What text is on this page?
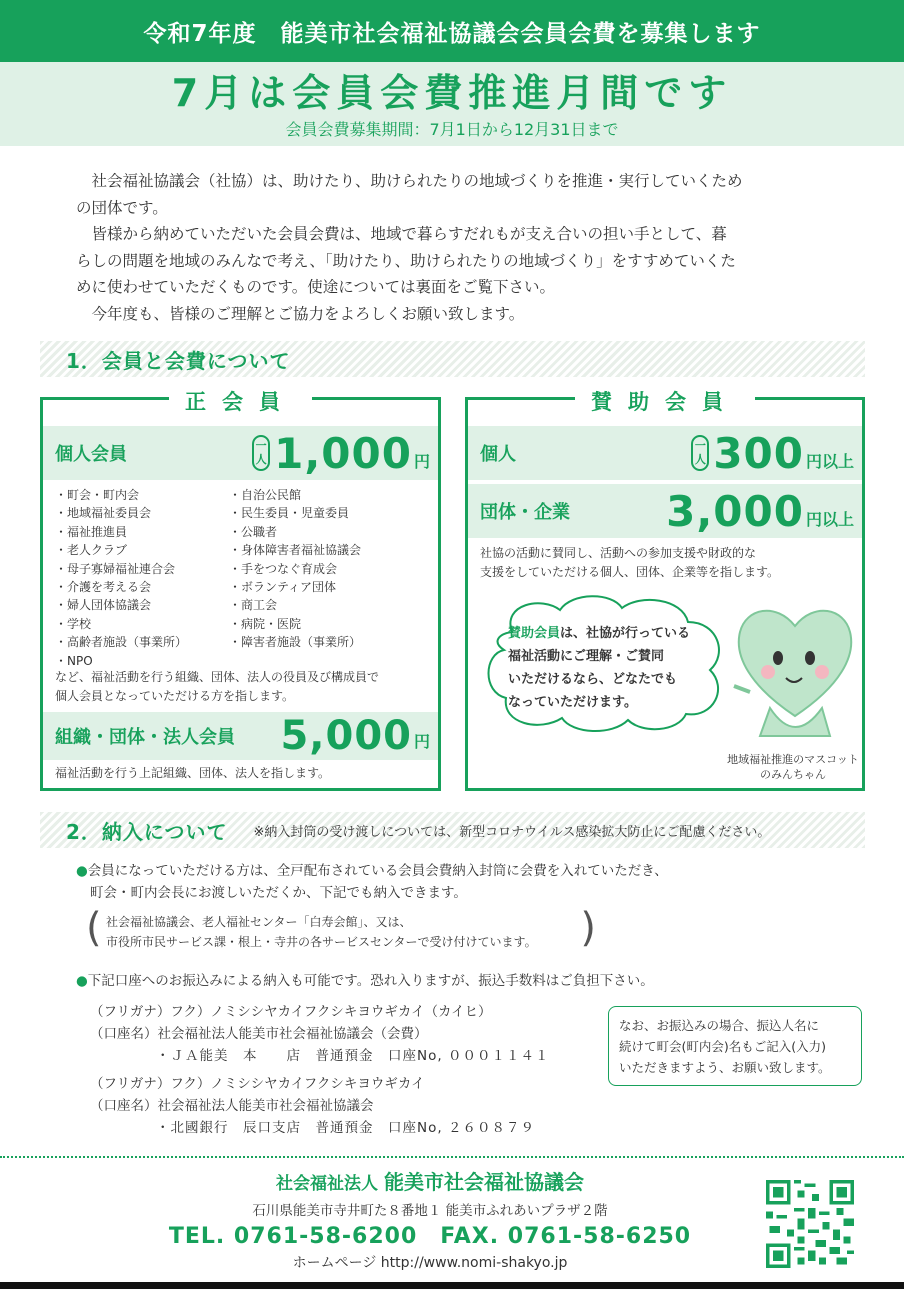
令和7年度　能美市社会福祉協議会会員会費を募集します
7月は会員会費推進月間です
会員会費募集期間：7月1日から12月31日まで

社会福祉協議会（社協）は、助けたり、助けられたりの地域づくりを推進・実行していくため

の団体です。

皆様から納めていただいた会員会費は、地域で暮らすだれもが支え合いの担い手として、暮

らしの問題を地域のみんなで考え、「助けたり、助けられたりの地域づくり」をすすめていくた

めに使わせていただくものです。使途については裏面をご覧下さい。

今年度も、皆様のご理解とご協力をよろしくお願い致します。

1．会員と会費について
正会員
個人会員	一
人 1,000 円
・町会・町内会
・地域福祉委員会
・福祉推進員
・老人クラブ
・母子寡婦福祉連合会
・介護を考える会
・婦人団体協議会
・学校
・高齢者施設（事業所）
・NPO
・自治公民館
・民生委員・児童委員
・公職者
・身体障害者福祉協議会
・手をつなぐ育成会
・ボランティア団体
・商工会
・病院・医院
・障害者施設（事業所）
など、福祉活動を行う組織、団体、法人の役員及び構成員で
個人会員となっていただける方を指します。
組織・団体・法人会員	5,000 円
福祉活動を行う上記組織、団体、法人を指します。
賛助会員
個人	一
人 300 円以上
団体・企業	3,000 円以上
社協の活動に賛同し、活動への参加支援や財政的な
支援をしていただける個人、団体、企業等を指します。
賛助会員は、社協が行っている
福祉活動にご理解・ご賛同
いただけるなら、どなたでも
なっていただけます。
地域福祉推進のマスコット
のみんちゃん
2．納入について ※納入封筒の受け渡しについては、新型コロナウイルス感染拡大防止にご配慮ください。
●会員になっていただける方は、全戸配布されている会員会費納入封筒に会費を入れていただき、
町会・町内会長にお渡しいただくか、下記でも納入できます。
( 社会福祉協議会、老人福祉センター「白寿会館」、又は、
市役所市民サービス課・根上・寺井の各サービスセンターで受け付けています。 )
●下記口座へのお振込みによる納入も可能です。恐れ入りますが、振込手数料はご負担下さい。
（フリガナ）フク）ノミシシヤカイフクシキヨウギカイ（カイヒ）
（口座名）社会福祉法人能美市社会福祉協議会（会費）
・ＪＡ能美　本　　店　普通預金　口座No, ０００１１４１
（フリガナ）フク）ノミシシヤカイフクシキヨウギカイ
（口座名）社会福祉法人能美市社会福祉協議会
・北國銀行　辰口支店　普通預金　口座No, ２６０８７９
なお、お振込みの場合、振込人名に
続けて町会(町内会)名もご記入(入力)
いただきますよう、お願い致します。
社会福祉法人 能美市社会福祉協議会
石川県能美市寺井町た８番地１ 能美市ふれあいプラザ２階
TEL. 0761-58-6200　FAX. 0761-58-6250
ホームページ http://www.nomi-shakyo.jp
